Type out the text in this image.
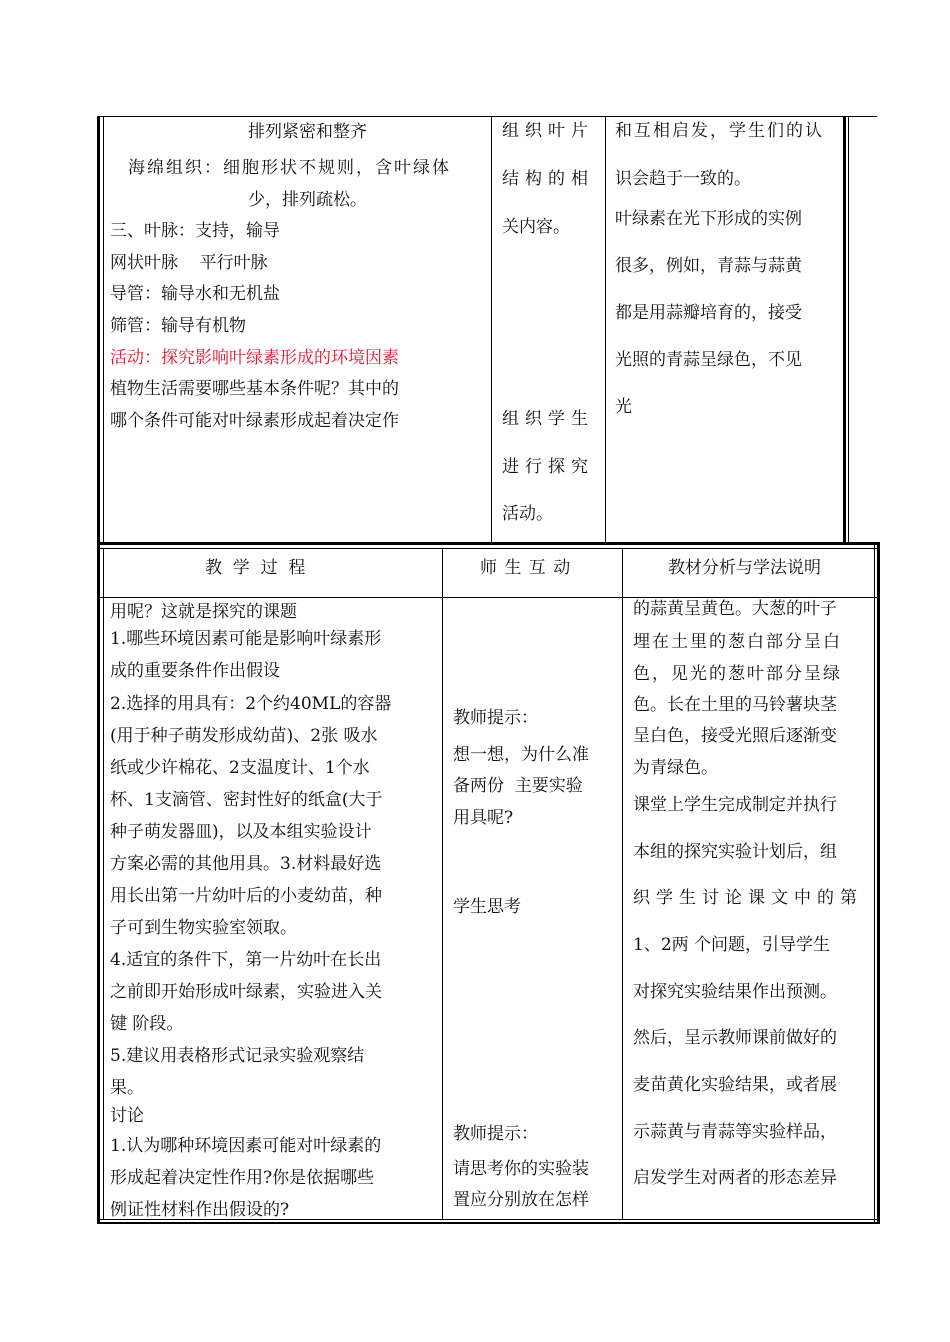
排列紧密和整齐
海绵组织：细胞形状不规则，含叶绿体
少，排列疏松。
三、叶脉：支持，输导
网状叶脉    平行叶脉
导管：输导水和无机盐
筛管：输导有机物
活动：探究影响叶绿素形成的环境因素
植物生活需要哪些基本条件呢？其中的
哪个条件可能对叶绿素形成起着决定作
组织叶片
结构的相
关内容。
组织学生
进行探究
活动。
和互相启发，学生们的认
识会趋于一致的。
叶绿素在光下形成的实例
很多，例如，青蒜与蒜黄
都是用蒜瓣培育的，接受
光照的青蒜呈绿色，不见
光
教  学  过  程	师 生 互 动	教材分析与学法说明
用呢？这就是探究的课题
1.哪些环境因素可能是影响叶绿素形
成的重要条件作出假设
2.选择的用具有：2个约40ML的容器
(用于种子萌发形成幼苗)、2张 吸水
纸或少许棉花、2支温度计、1个水
杯、1支滴管、密封性好的纸盒(大于
种子萌发器皿)，以及本组实验设计
方案必需的其他用具。3.材料最好选
用长出第一片幼叶后的小麦幼苗，种
子可到生物实验室领取。
4.适宜的条件下，第一片幼叶在长出
之前即开始形成叶绿素，实验进入关
键 阶段。
5.建议用表格形式记录实验观察结
果。
讨论
1.认为哪种环境因素可能对叶绿素的
形成起着决定性作用?你是依据哪些
例证性材料作出假设的?
教师提示：
想一想，为什么准
备两份  主要实验
用具呢?
学生思考
教师提示：
请思考你的实验装
置应分别放在怎样
的蒜黄呈黄色。大葱的叶子
埋在土里的葱白部分呈白
色，见光的葱叶部分呈绿
色。长在土里的马铃薯块茎
呈白色，接受光照后逐渐变
为青绿色。
课堂上学生完成制定并执行
本组的探究实验计划后，组
织学生讨论课文中的第
1、2两 个问题，引导学生
对探究实验结果作出预测。
然后，呈示教师课前做好的
麦苗黄化实验结果，或者展
示蒜黄与青蒜等实验样品，
启发学生对两者的形态差异
